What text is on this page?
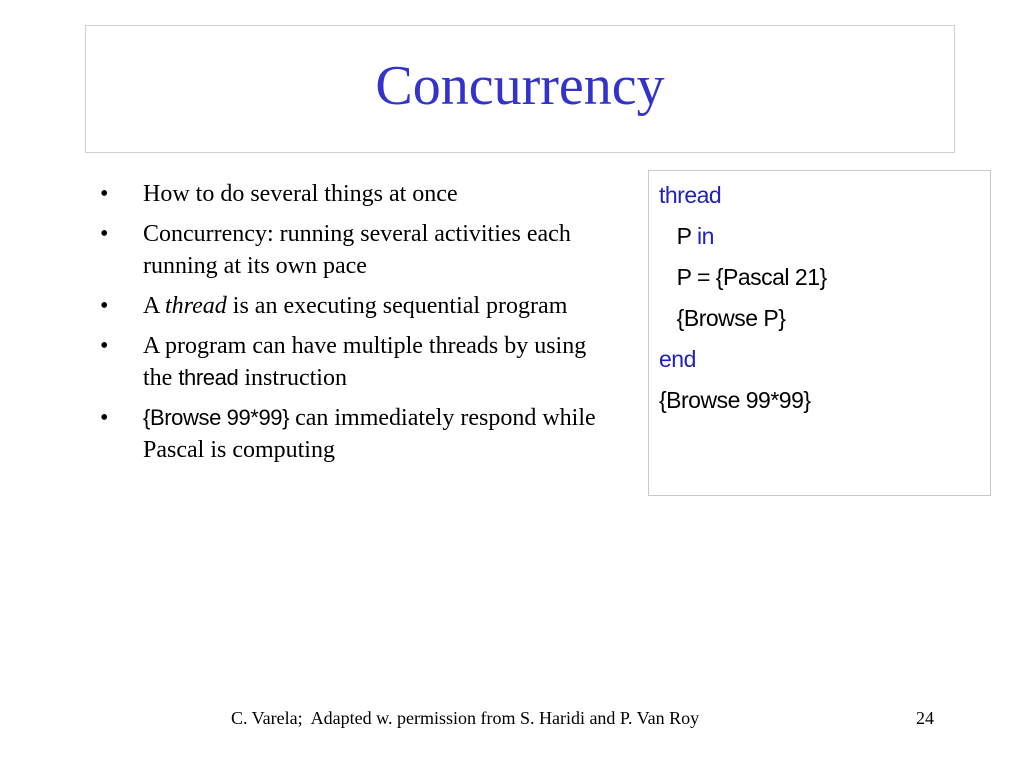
Concurrency
• How to do several things at once
• Concurrency: running several activities each running at its own pace
• A thread is an executing sequential program
• A program can have multiple threads by using the thread instruction
• {Browse 99*99} can immediately respond while Pascal is computing
thread
P in
P = {Pascal 21}
{Browse P}
end
{Browse 99*99}
C. Varela;  Adapted w. permission from S. Haridi and P. Van Roy	24
